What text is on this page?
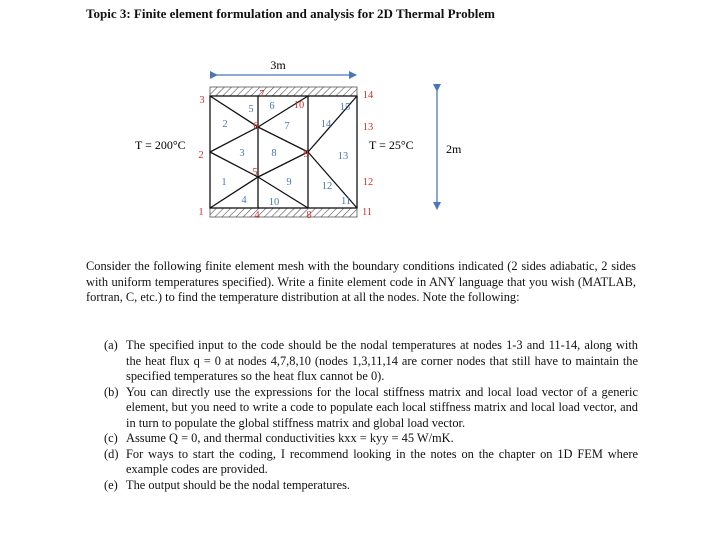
Topic 3: Finite element formulation and analysis for 2D Thermal Problem
3m
2m
T = 200°C	T = 25°C
1
2
3
4
5 6
7
8
9
10	11
12
13
14
15
1
2
3
4
5
6
7
8
9
10
11
12
13
14

Consider the following finite element mesh with the boundary conditions indicated (2 sides adiabatic, 2 sides with uniform temperatures specified). Write a finite element code in ANY language that you wish (MATLAB, fortran, C, etc.) to find the temperature distribution at all the nodes. Note the following:

(a) The specified input to the code should be the nodal temperatures at nodes 1-3 and 11-14, along with the heat flux q = 0 at nodes 4,7,8,10 (nodes 1,3,11,14 are corner nodes that still have to maintain the specified temperatures so the heat flux cannot be 0).
(b) You can directly use the expressions for the local stiffness matrix and local load vector of a generic element, but you need to write a code to populate each local stiffness matrix and local load vector, and in turn to populate the global stiffness matrix and global load vector.
(c) Assume Q = 0, and thermal conductivities kxx = kyy = 45 W/mK.
(d) For ways to start the coding, I recommend looking in the notes on the chapter on 1D FEM where example codes are provided.
(e) The output should be the nodal temperatures.
